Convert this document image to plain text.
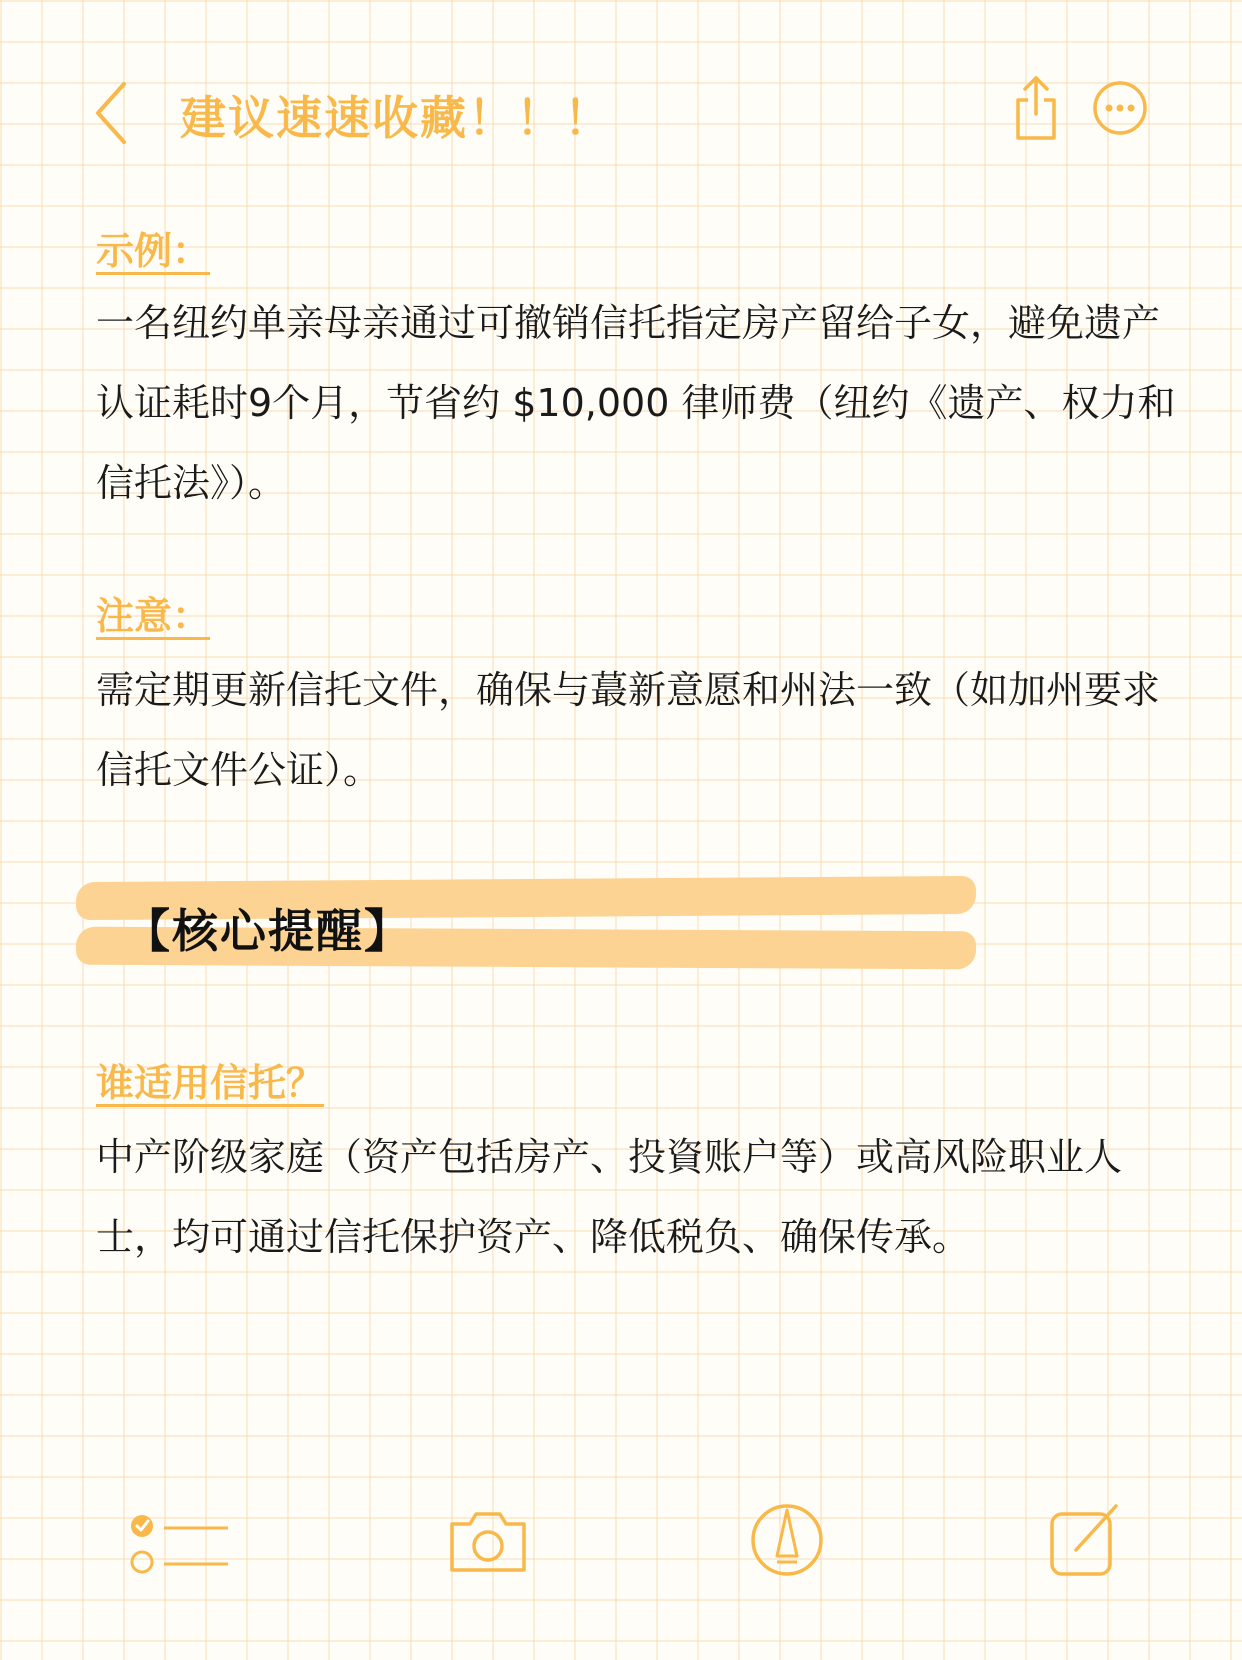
建议速速收藏！！！
示例：

一名纽约单亲母亲通过可撤销信托指定房产留给子女，避免遗产认证耗时9个月，节省约 $10,000 律师费（纽约《遗产、权力和信托法》）。

注意：

需定期更新信托文件，确保与蕞新意愿和州法一致（如加州要求信托文件公证）。

【核心提醒】
谁适用信托？

中产阶级家庭（资产包括房产、投資账户等）或高风险职业人士，均可通过信托保护资产、降低税负、确保传承。
